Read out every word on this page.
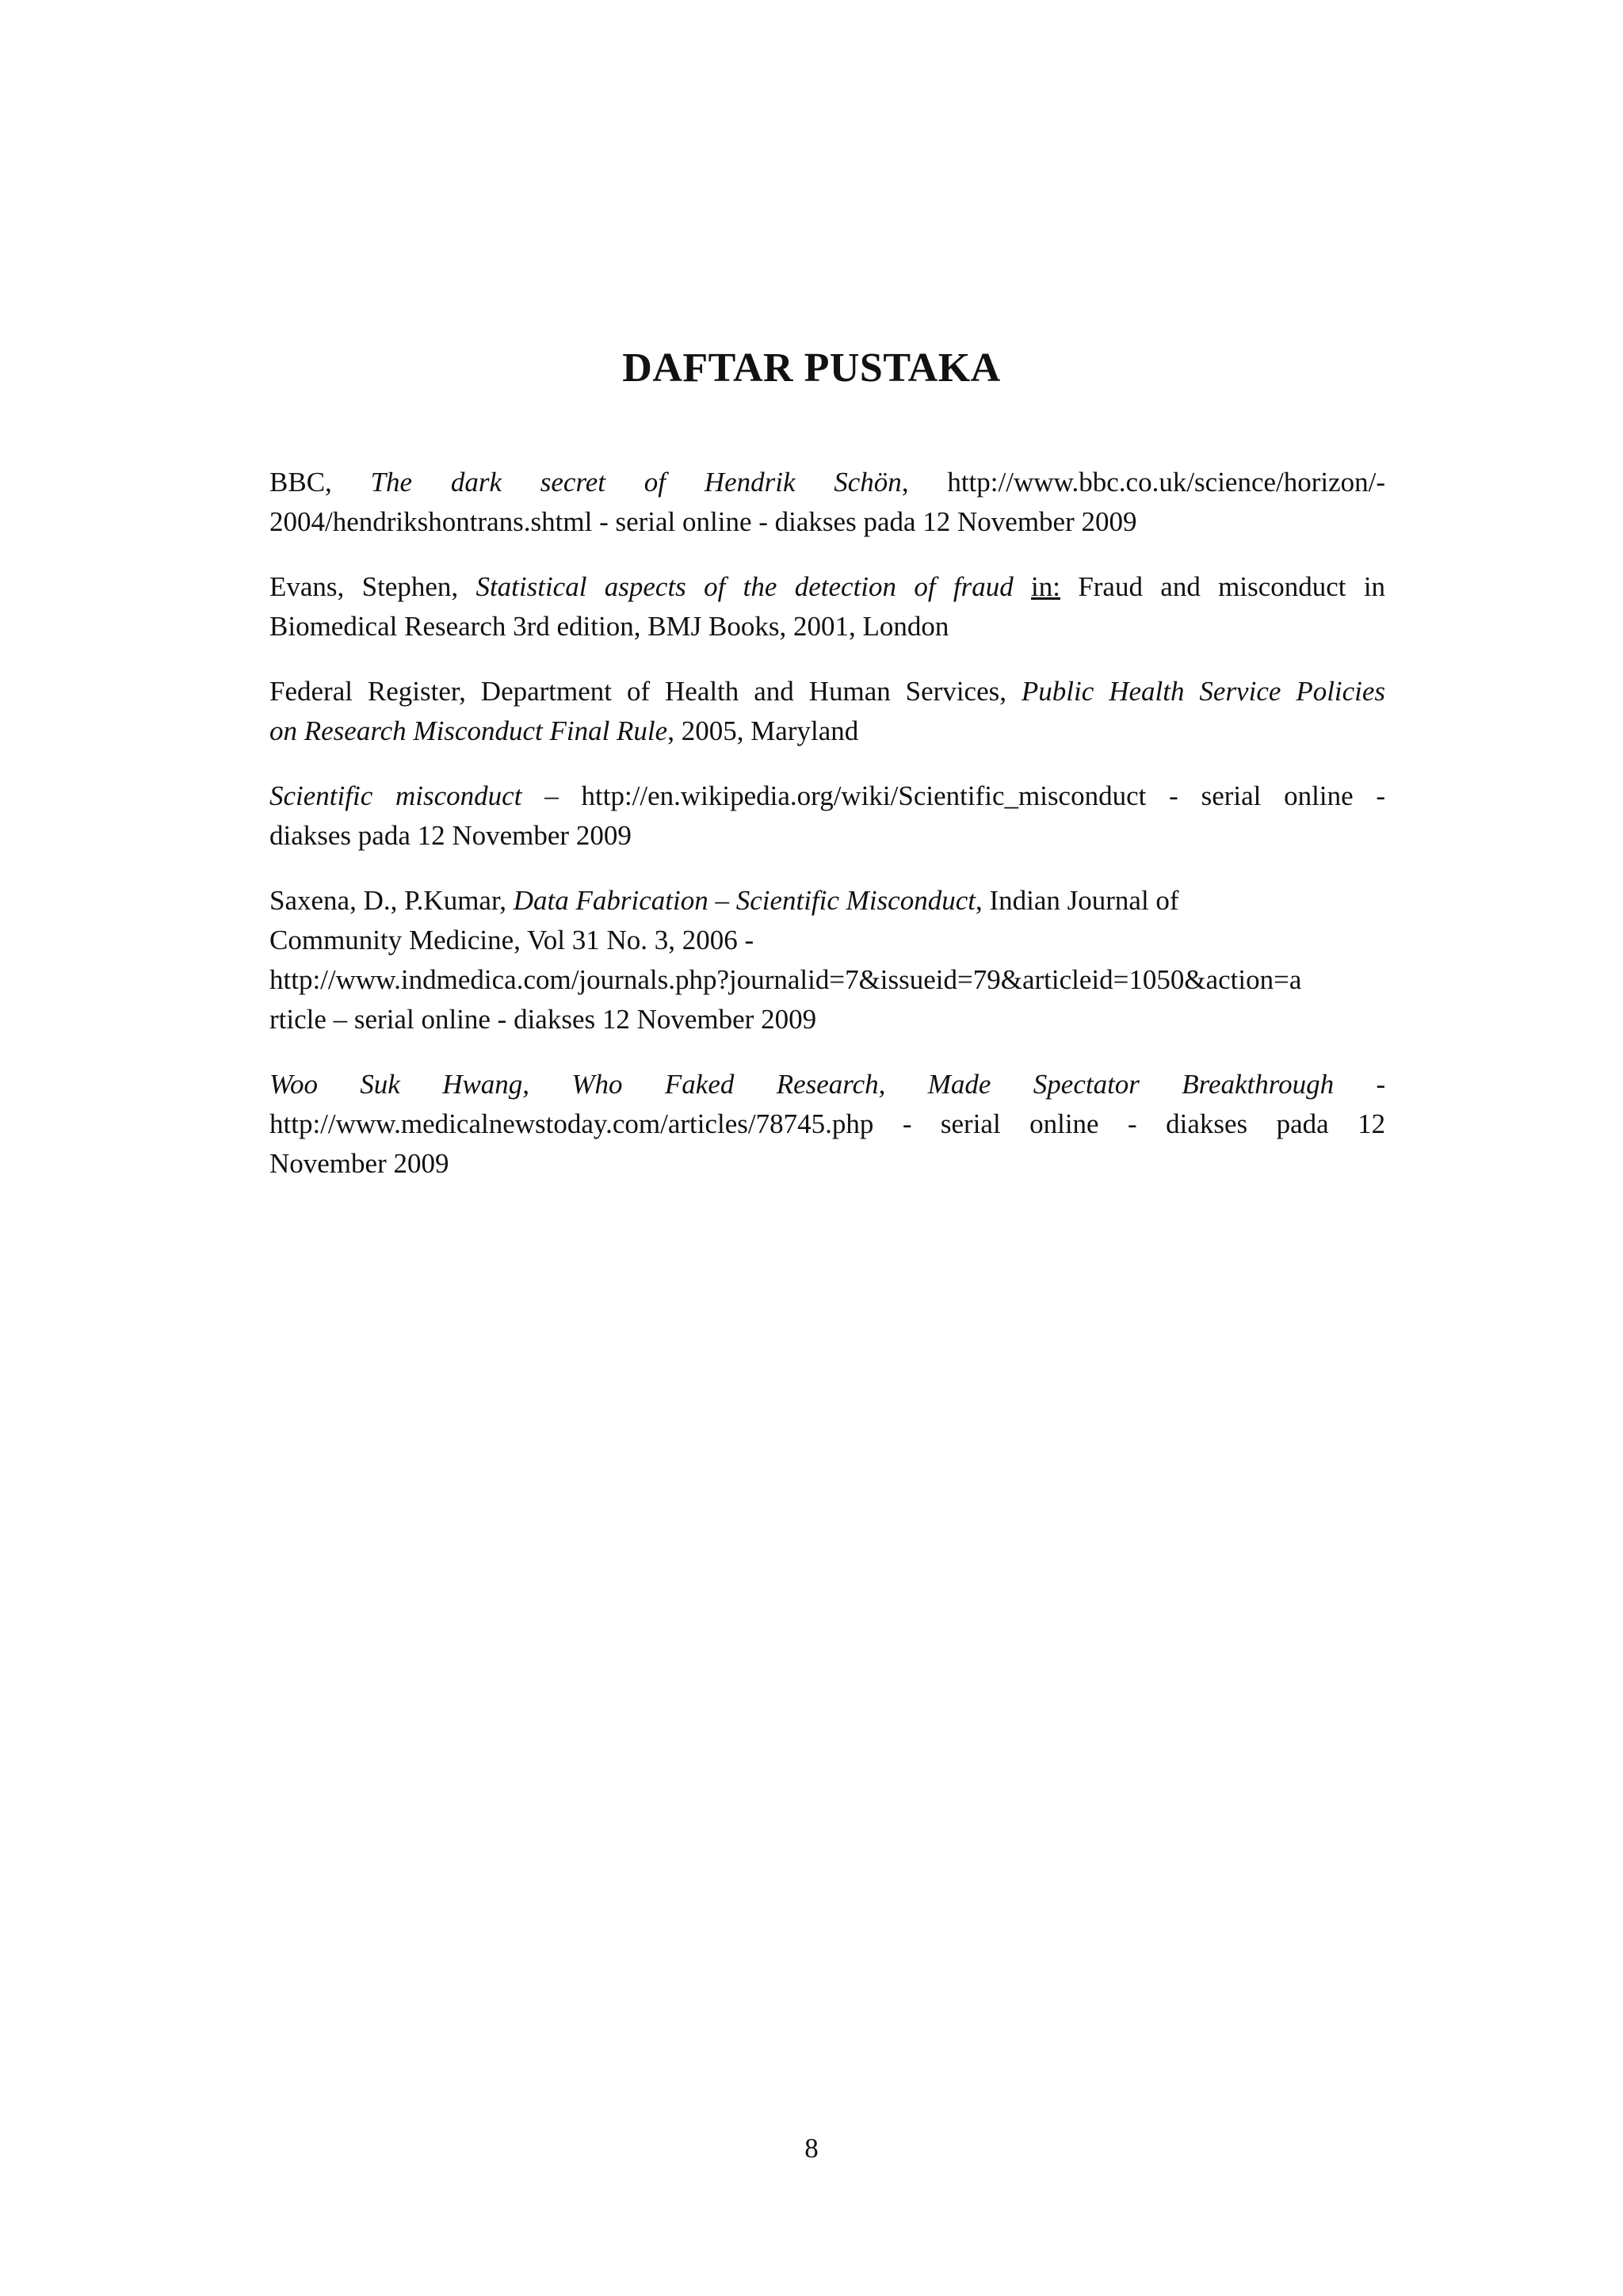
DAFTAR PUSTAKA

BBC, The dark secret of Hendrik Schön, http://www.bbc.co.uk/science/horizon/-
2004/hendrikshontrans.shtml - serial online - diakses pada 12 November 2009

Evans, Stephen, Statistical aspects of the detection of fraud in: Fraud and misconduct in
Biomedical Research 3rd edition, BMJ Books, 2001, London

Federal Register, Department of Health and Human Services, Public Health Service Policies
on Research Misconduct Final Rule, 2005, Maryland

Scientific misconduct – http://en.wikipedia.org/wiki/Scientific_misconduct - serial online -
diakses pada 12 November 2009

Saxena, D., P.Kumar, Data Fabrication – Scientific Misconduct, Indian Journal of
Community Medicine, Vol 31 No. 3, 2006 -
http://www.indmedica.com/journals.php?journalid=7&issueid=79&articleid=1050&action=a
rticle – serial online - diakses 12 November 2009

Woo Suk Hwang, Who Faked Research, Made Spectator Breakthrough -
http://www.medicalnewstoday.com/articles/78745.php - serial online - diakses pada 12
November 2009

8
